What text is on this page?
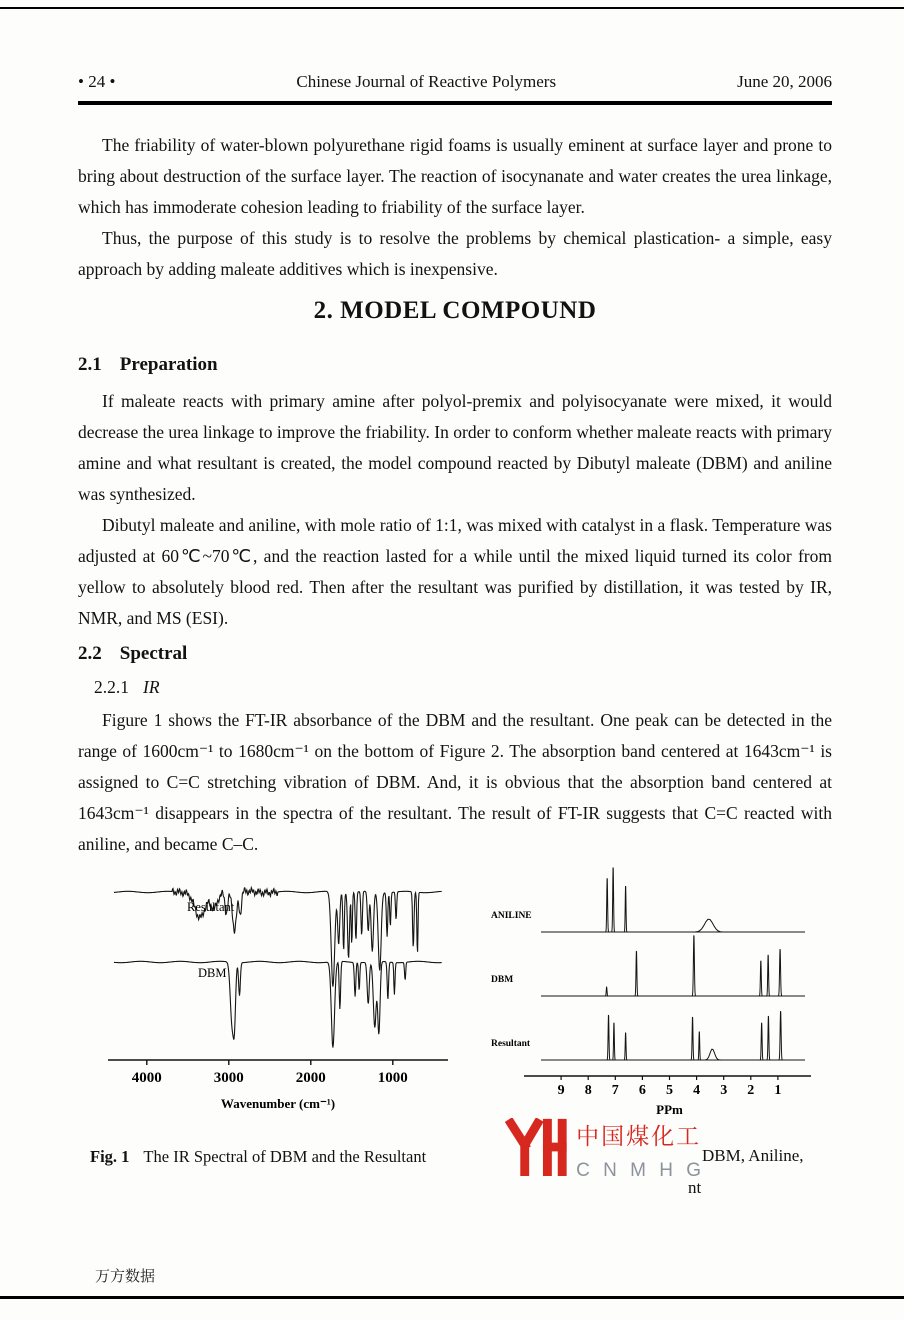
• 24 •	Chinese Journal of Reactive Polymers	June 20, 2006

The friability of water-blown polyurethane rigid foams is usually eminent at surface layer and prone to bring about destruction of the surface layer. The reaction of isocynanate and water creates the urea linkage, which has immoderate cohesion leading to friability of the surface layer.

Thus, the purpose of this study is to resolve the problems by chemical plastication- a simple, easy approach by adding maleate additives which is inexpensive.

2. MODEL COMPOUND
2.1 Preparation

If maleate reacts with primary amine after polyol-premix and polyisocyanate were mixed, it would decrease the urea linkage to improve the friability. In order to conform whether maleate reacts with primary amine and what resultant is created, the model compound reacted by Dibutyl maleate (DBM) and aniline was synthesized.

Dibutyl maleate and aniline, with mole ratio of 1:1, was mixed with catalyst in a flask. Temperature was adjusted at 60℃~70℃, and the reaction lasted for a while until the mixed liquid turned its color from yellow to absolutely blood red. Then after the resultant was purified by distillation, it was tested by IR, NMR, and MS (ESI).

2.2 Spectral
2.2.1 IR

Figure 1 shows the FT-IR absorbance of the DBM and the resultant. One peak can be detected in the range of 1600cm⁻¹ to 1680cm⁻¹ on the bottom of Figure 2. The absorption band centered at 1643cm⁻¹ is assigned to C=C stretching vibration of DBM. And, it is obvious that the absorption band centered at 1643cm⁻¹ disappears in the spectra of the resultant. The result of FT-IR suggests that C=C reacted with aniline, and became C–C.

Resultant
DBM
4000	3000	2000	1000
Wavenumber (cm⁻¹)
ANILINE
DBM
Resultant
9 8 7 6 5 4 3 2 1
PPm
Fig. 1 The IR Spectral of DBM and the Resultant
中国煤化工
C N M H G
DBM, Aniline,
nt
万方数据
